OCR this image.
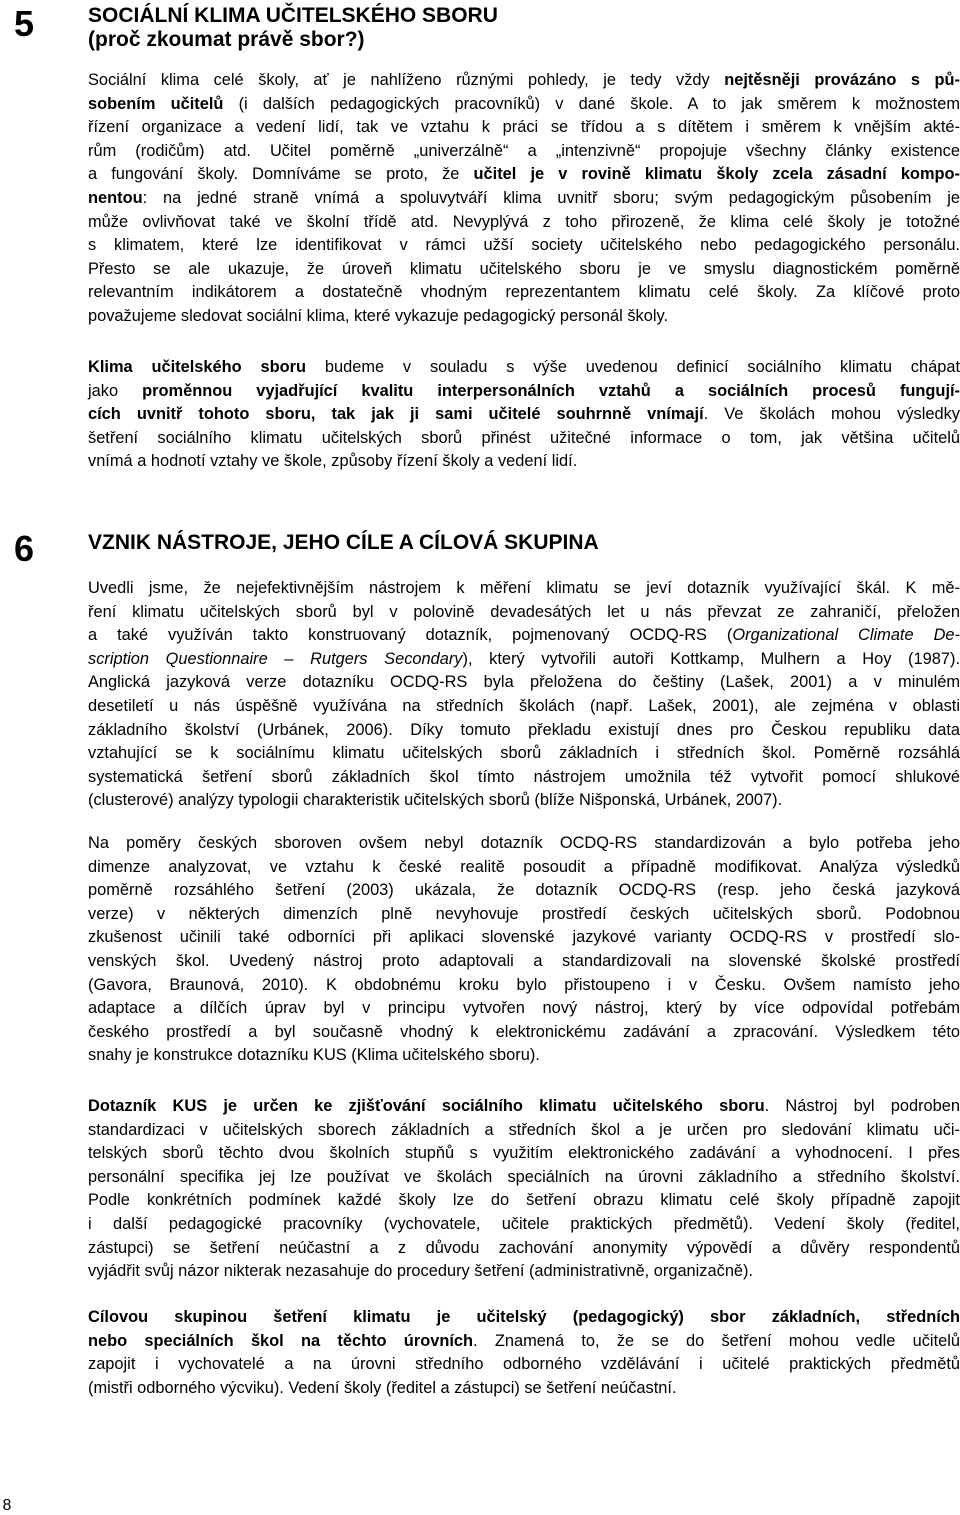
5	SOCIÁLNÍ KLIMA UČITELSKÉHO SBORU
(proč zkoumat právě sbor?)
Sociální klima celé školy, ať je nahlíženo různými pohledy, je tedy vždy nejtěsněji provázáno s pů-
sobením učitelů (i dalších pedagogických pracovníků) v dané škole. A to jak směrem k možnostem
řízení organizace a vedení lidí, tak ve vztahu k práci se třídou a s dítětem i směrem k vnějším akté-
rům (rodičům) atd. Učitel poměrně „univerzálně“ a „intenzivně“ propojuje všechny články existence
a fungování školy. Domníváme se proto, že učitel je v rovině klimatu školy zcela zásadní kompo-
nentou: na jedné straně vnímá a spoluvytváří klima uvnitř sboru; svým pedagogickým působením je
může ovlivňovat také ve školní třídě atd. Nevyplývá z toho přirozeně, že klima celé školy je totožné
s klimatem, které lze identifikovat v rámci užší society učitelského nebo pedagogického personálu.
Přesto se ale ukazuje, že úroveň klimatu učitelského sboru je ve smyslu diagnostickém poměrně
relevantním indikátorem a dostatečně vhodným reprezentantem klimatu celé školy. Za klíčové proto
považujeme sledovat sociální klima, které vykazuje pedagogický personál školy.
Klima učitelského sboru budeme v souladu s výše uvedenou definicí sociálního klimatu chápat
jako proměnnou vyjadřující kvalitu interpersonálních vztahů a sociálních procesů fungují-
cích uvnitř tohoto sboru, tak jak ji sami učitelé souhrnně vnímají. Ve školách mohou výsledky
šetření sociálního klimatu učitelských sborů přinést užitečné informace o tom, jak většina učitelů
vnímá a hodnotí vztahy ve škole, způsoby řízení školy a vedení lidí.
6	VZNIK NÁSTROJE, JEHO CÍLE A CÍLOVÁ SKUPINA
Uvedli jsme, že nejefektivnějším nástrojem k měření klimatu se jeví dotazník využívající škál. K mě-
ření klimatu učitelských sborů byl v polovině devadesátých let u nás převzat ze zahraničí, přeložen
a také využíván takto konstruovaný dotazník, pojmenovaný OCDQ-RS (Organizational Climate De-
scription Questionnaire – Rutgers Secondary), který vytvořili autoři Kottkamp, Mulhern a Hoy (1987).
Anglická jazyková verze dotazníku OCDQ-RS byla přeložena do češtiny (Lašek, 2001) a v minulém
desetiletí u nás úspěšně využívána na středních školách (např. Lašek, 2001), ale zejména v oblasti
základního školství (Urbánek, 2006). Díky tomuto překladu existují dnes pro Českou republiku data
vztahující se k sociálnímu klimatu učitelských sborů základních i středních škol. Poměrně rozsáhlá
systematická šetření sborů základních škol tímto nástrojem umožnila též vytvořit pomocí shlukové
(clusterové) analýzy typologii charakteristik učitelských sborů (blíže Nišponská, Urbánek, 2007).
Na poměry českých sboroven ovšem nebyl dotazník OCDQ-RS standardizován a bylo potřeba jeho
dimenze analyzovat, ve vztahu k české realitě posoudit a případně modifikovat. Analýza výsledků
poměrně rozsáhlého šetření (2003) ukázala, že dotazník OCDQ-RS (resp. jeho česká jazyková
verze) v některých dimenzích plně nevyhovuje prostředí českých učitelských sborů. Podobnou
zkušenost učinili také odborníci při aplikaci slovenské jazykové varianty OCDQ-RS v prostředí slo-
venských škol. Uvedený nástroj proto adaptovali a standardizovali na slovenské školské prostředí
(Gavora, Braunová, 2010). K obdobnému kroku bylo přistoupeno i v Česku. Ovšem namísto jeho
adaptace a dílčích úprav byl v principu vytvořen nový nástroj, který by více odpovídal potřebám
českého prostředí a byl současně vhodný k elektronickému zadávání a zpracování. Výsledkem této
snahy je konstrukce dotazníku KUS (Klima učitelského sboru).
Dotazník KUS je určen ke zjišťování sociálního klimatu učitelského sboru. Nástroj byl podroben
standardizaci v učitelských sborech základních a středních škol a je určen pro sledování klimatu uči-
telských sborů těchto dvou školních stupňů s využitím elektronického zadávání a vyhodnocení. I přes
personální specifika jej lze používat ve školách speciálních na úrovni základního a středního školství.
Podle konkrétních podmínek každé školy lze do šetření obrazu klimatu celé školy případně zapojit
i další pedagogické pracovníky (vychovatele, učitele praktických předmětů). Vedení školy (ředitel,
zástupci) se šetření neúčastní a z důvodu zachování anonymity výpovědí a důvěry respondentů
vyjádřit svůj názor nikterak nezasahuje do procedury šetření (administrativně, organizačně).
Cílovou skupinou šetření klimatu je učitelský (pedagogický) sbor základních, středních
nebo speciálních škol na těchto úrovních. Znamená to, že se do šetření mohou vedle učitelů
zapojit i vychovatelé a na úrovni středního odborného vzdělávání i učitelé praktických předmětů
(mistři odborného výcviku). Vedení školy (ředitel a zástupci) se šetření neúčastní.
8
